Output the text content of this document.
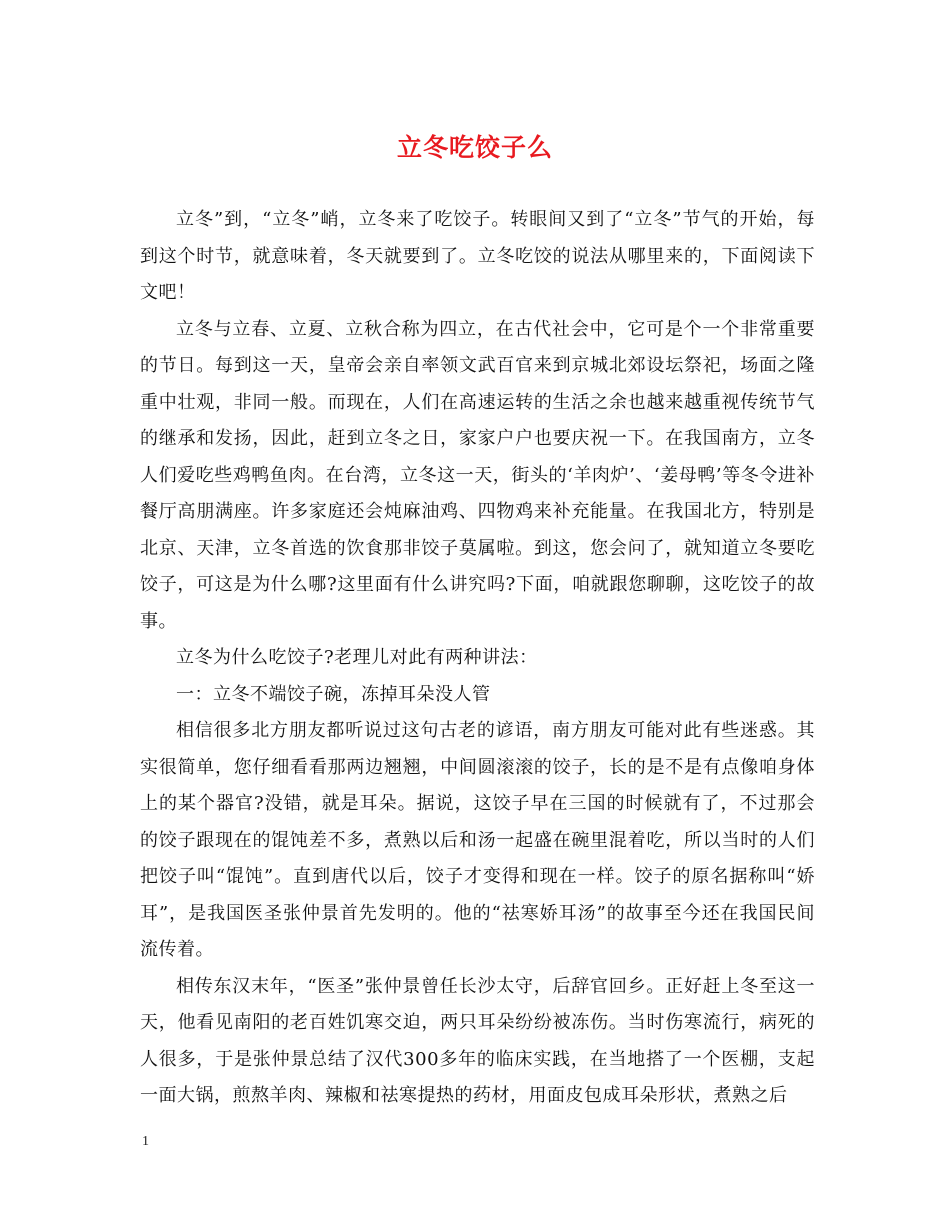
立冬吃饺子么

立冬”到，“立冬”峭，立冬来了吃饺子。转眼间又到了“立冬”节气的开始，每到这个时节，就意味着，冬天就要到了。立冬吃饺的说法从哪里来的，下面阅读下文吧！

立冬与立春、立夏、立秋合称为四立，在古代社会中，它可是个一个非常重要的节日。每到这一天，皇帝会亲自率领文武百官来到京城北郊设坛祭祀，场面之隆重中壮观，非同一般。而现在，人们在高速运转的生活之余也越来越重视传统节气的继承和发扬，因此，赶到立冬之日，家家户户也要庆祝一下。在我国南方，立冬人们爱吃些鸡鸭鱼肉。在台湾，立冬这一天，街头的‘羊肉炉’、‘姜母鸭’等冬令进补餐厅高朋满座。许多家庭还会炖麻油鸡、四物鸡来补充能量。在我国北方，特别是北京、天津，立冬首选的饮食那非饺子莫属啦。到这，您会问了，就知道立冬要吃饺子，可这是为什么哪?这里面有什么讲究吗?下面，咱就跟您聊聊，这吃饺子的故事。

立冬为什么吃饺子?老理儿对此有两种讲法：

一：立冬不端饺子碗，冻掉耳朵没人管

相信很多北方朋友都听说过这句古老的谚语，南方朋友可能对此有些迷惑。其实很简单，您仔细看看那两边翘翘，中间圆滚滚的饺子，长的是不是有点像咱身体上的某个器官?没错，就是耳朵。据说，这饺子早在三国的时候就有了，不过那会的饺子跟现在的馄饨差不多，煮熟以后和汤一起盛在碗里混着吃，所以当时的人们把饺子叫“馄饨”。直到唐代以后，饺子才变得和现在一样。饺子的原名据称叫“娇耳”，是我国医圣张仲景首先发明的。他的“祛寒娇耳汤”的故事至今还在我国民间流传着。

相传东汉末年，“医圣”张仲景曾任长沙太守，后辞官回乡。正好赶上冬至这一天，他看见南阳的老百姓饥寒交迫，两只耳朵纷纷被冻伤。当时伤寒流行，病死的人很多，于是张仲景总结了汉代300多年的临床实践，在当地搭了一个医棚，支起一面大锅，煎熬羊肉、辣椒和祛寒提热的药材，用面皮包成耳朵形状，煮熟之后

1
